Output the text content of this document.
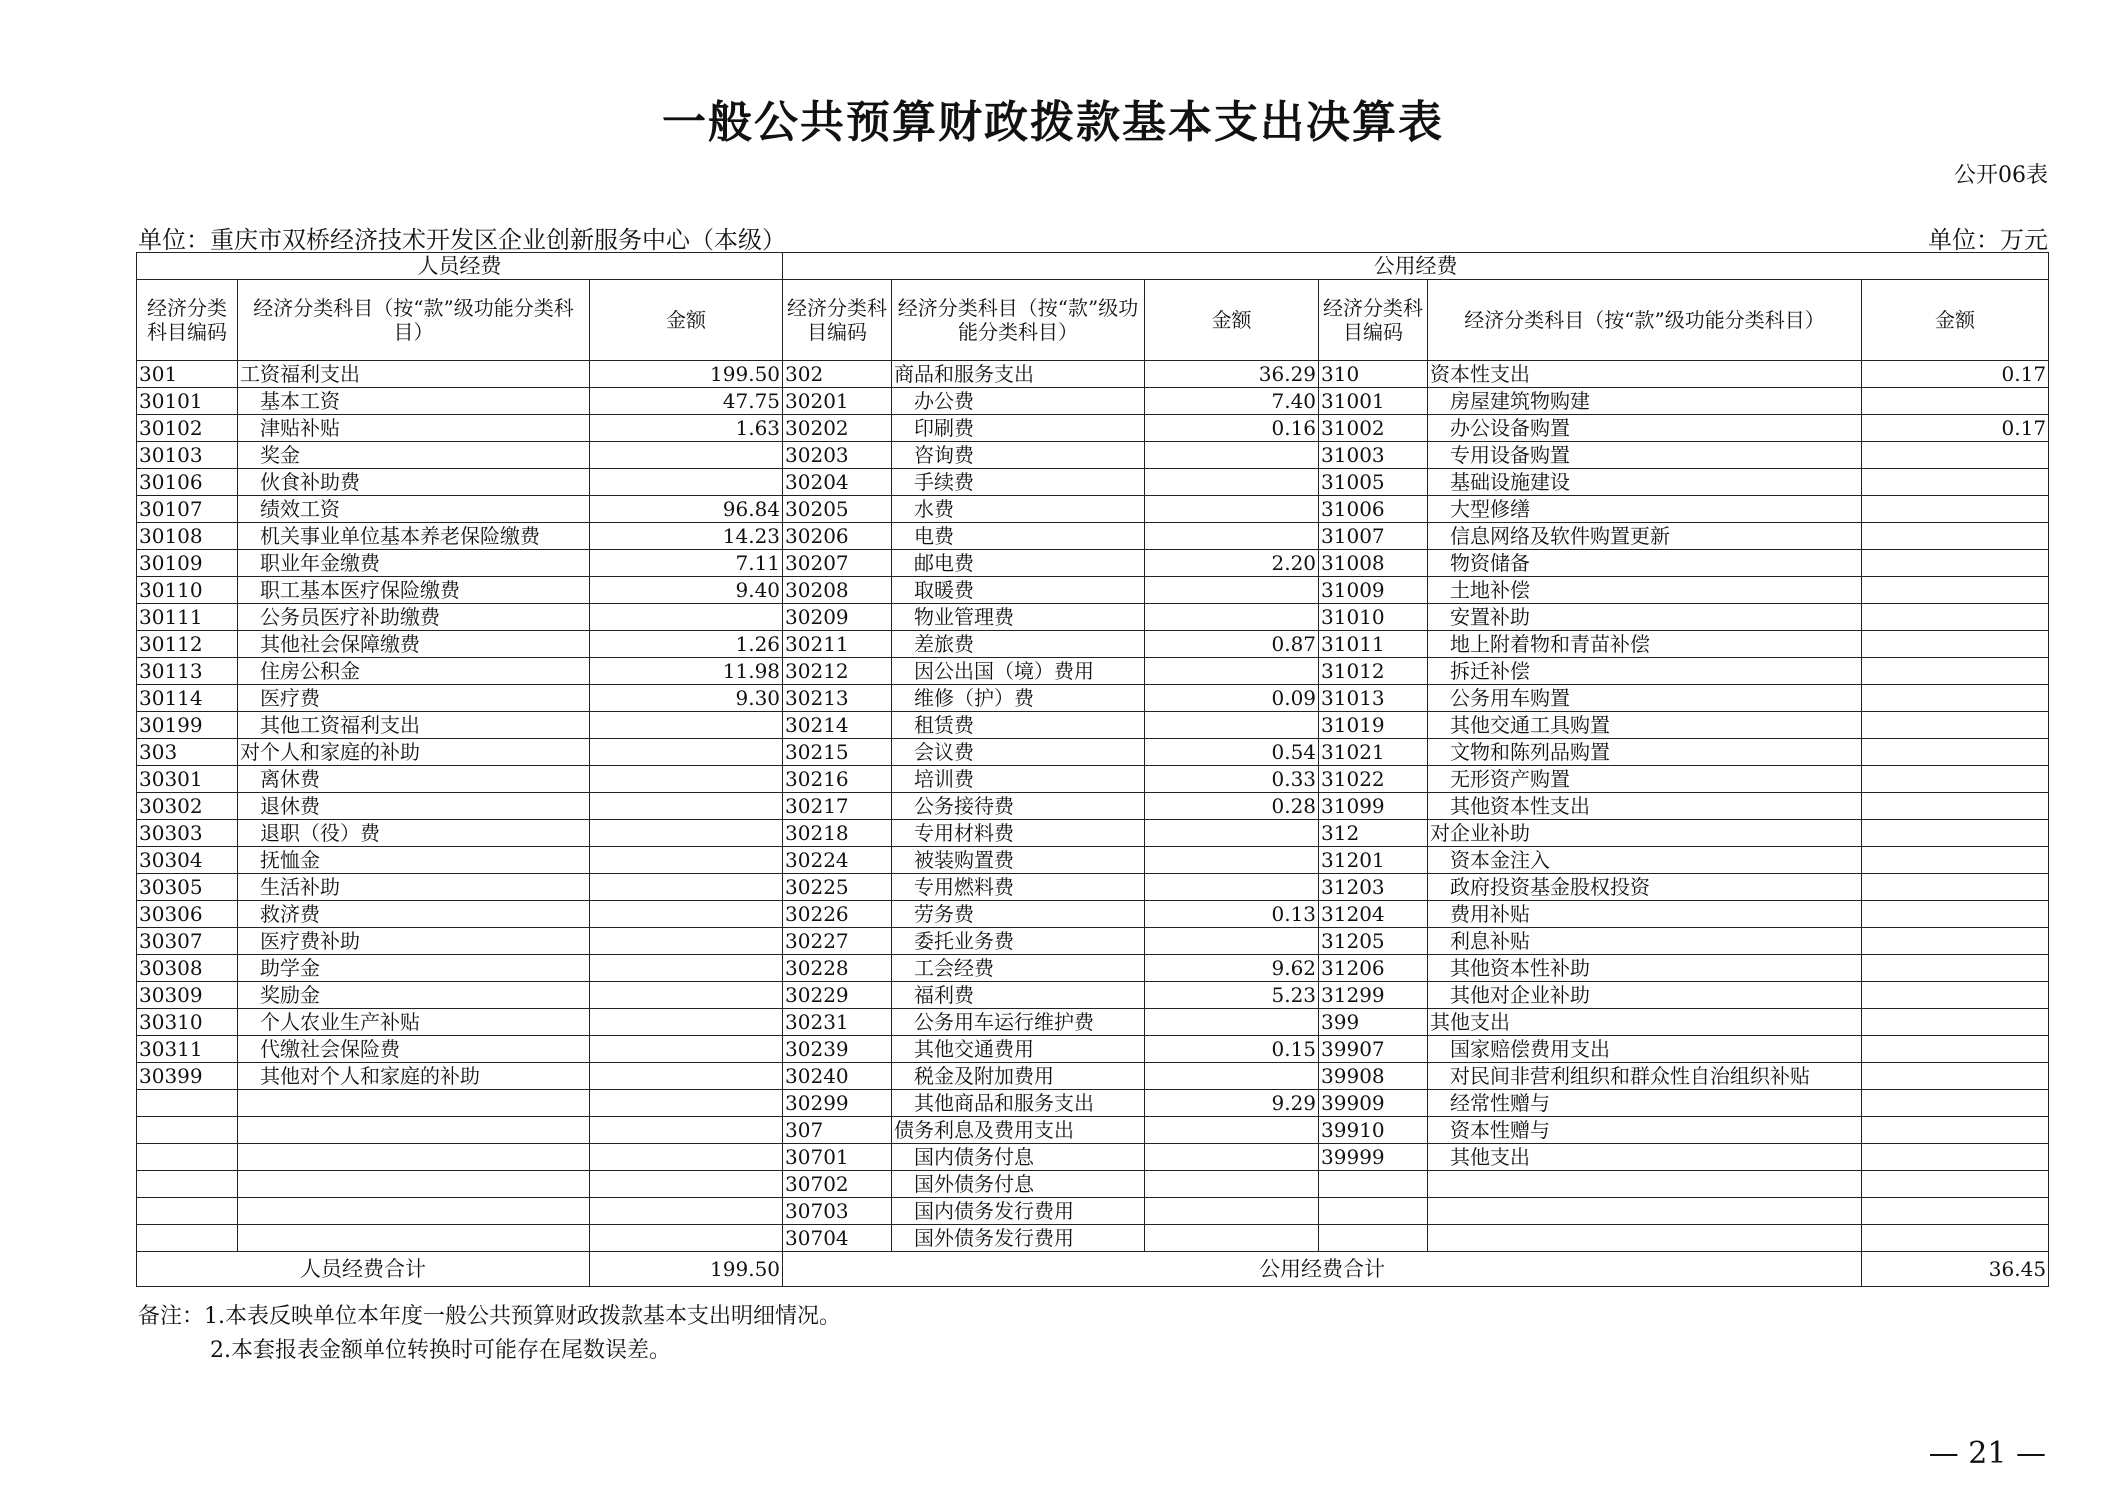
一般公共预算财政拨款基本支出决算表
公开06表
单位：重庆市双桥经济技术开发区企业创新服务中心（本级）	单位：万元
人员经费			公用经费					
经济分类科目编码	经济分类科目（按“款”级功能分类科目）	金额	经济分类科目编码	经济分类科目（按“款”级功能分类科目）	金额	经济分类科目编码	经济分类科目（按“款”级功能分类科目）	金额
301	工资福利支出	199.50	302	商品和服务支出	36.29	310	资本性支出	0.17
30101	基本工资	47.75	30201	办公费	7.40	31001	房屋建筑物购建	
30102	津贴补贴	1.63	30202	印刷费	0.16	31002	办公设备购置	0.17
30103	奖金		30203	咨询费		31003	专用设备购置	
30106	伙食补助费		30204	手续费		31005	基础设施建设	
30107	绩效工资	96.84	30205	水费		31006	大型修缮	
30108	机关事业单位基本养老保险缴费	14.23	30206	电费		31007	信息网络及软件购置更新	
30109	职业年金缴费	7.11	30207	邮电费	2.20	31008	物资储备	
30110	职工基本医疗保险缴费	9.40	30208	取暖费		31009	土地补偿	
30111	公务员医疗补助缴费		30209	物业管理费		31010	安置补助	
30112	其他社会保障缴费	1.26	30211	差旅费	0.87	31011	地上附着物和青苗补偿	
30113	住房公积金	11.98	30212	因公出国（境）费用		31012	拆迁补偿	
30114	医疗费	9.30	30213	维修（护）费	0.09	31013	公务用车购置	
30199	其他工资福利支出		30214	租赁费		31019	其他交通工具购置	
303	对个人和家庭的补助		30215	会议费	0.54	31021	文物和陈列品购置	
30301	离休费		30216	培训费	0.33	31022	无形资产购置	
30302	退休费		30217	公务接待费	0.28	31099	其他资本性支出	
30303	退职（役）费		30218	专用材料费		312	对企业补助	
30304	抚恤金		30224	被装购置费		31201	资本金注入	
30305	生活补助		30225	专用燃料费		31203	政府投资基金股权投资	
30306	救济费		30226	劳务费	0.13	31204	费用补贴	
30307	医疗费补助		30227	委托业务费		31205	利息补贴	
30308	助学金		30228	工会经费	9.62	31206	其他资本性补助	
30309	奖励金		30229	福利费	5.23	31299	其他对企业补助	
30310	个人农业生产补贴		30231	公务用车运行维护费		399	其他支出	
30311	代缴社会保险费		30239	其他交通费用	0.15	39907	国家赔偿费用支出	
30399	其他对个人和家庭的补助		30240	税金及附加费用		39908	对民间非营利组织和群众性自治组织补贴	
			30299	其他商品和服务支出	9.29	39909	经常性赠与	
			307	债务利息及费用支出		39910	资本性赠与	
			30701	国内债务付息		39999	其他支出	
			30702	国外债务付息				
			30703	国内债务发行费用				
			30704	国外债务发行费用				
人员经费合计		199.50	公用经费合计					36.45
备注：1.本表反映单位本年度一般公共预算财政拨款基本支出明细情况。
2.本套报表金额单位转换时可能存在尾数误差。
— 21 —
